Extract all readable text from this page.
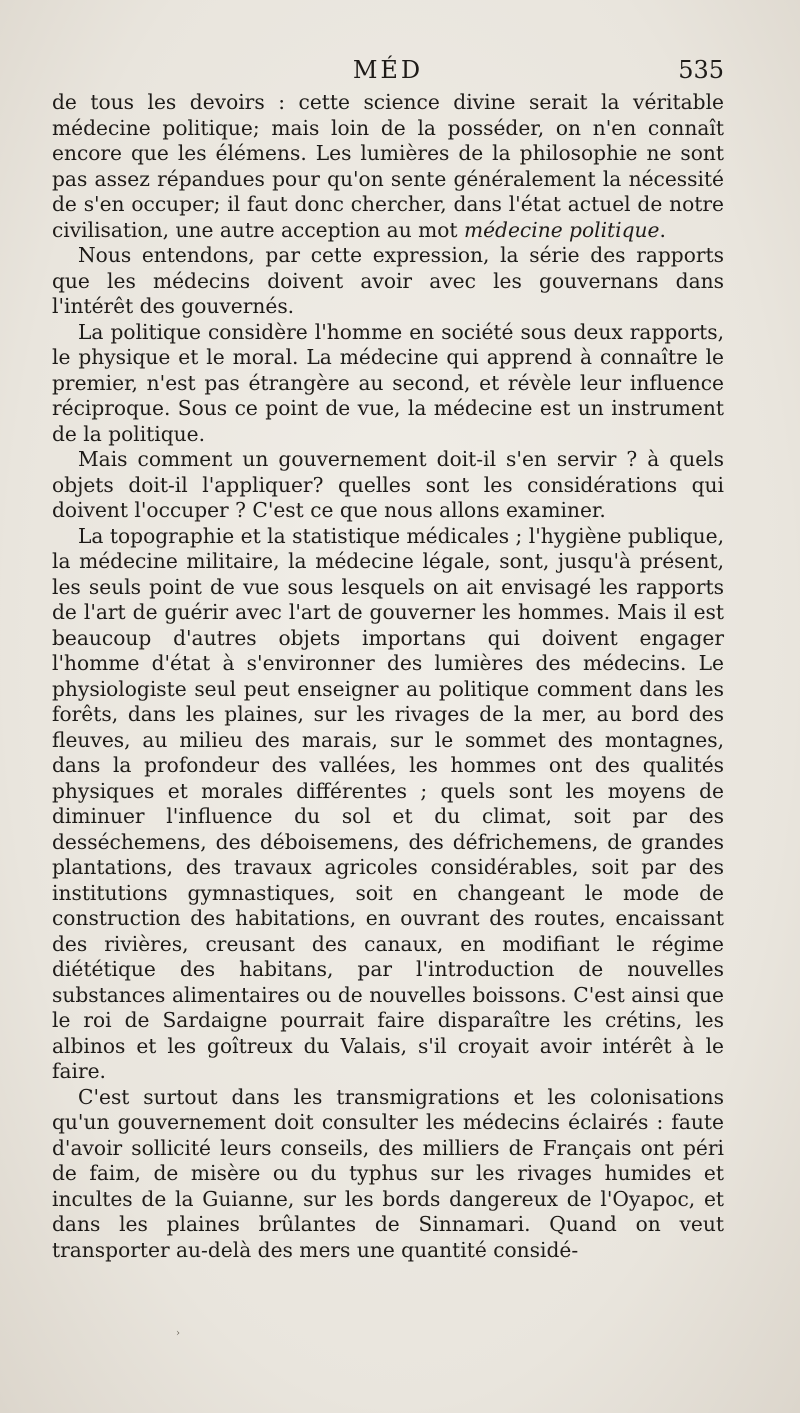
MÉD	535

de tous les devoirs : cette science divine serait la véritable médecine politique; mais loin de la posséder, on n'en connaît encore que les élémens. Les lumières de la philosophie ne sont pas assez répandues pour qu'on sente généralement la nécessité de s'en occuper; il faut donc chercher, dans l'état actuel de notre civilisation, une autre acception au mot médecine politique.

Nous entendons, par cette expression, la série des rapports que les médecins doivent avoir avec les gouvernans dans l'intérêt des gouvernés.

La politique considère l'homme en société sous deux rapports, le physique et le moral. La médecine qui apprend à connaître le premier, n'est pas étrangère au second, et révèle leur influence réciproque. Sous ce point de vue, la médecine est un instrument de la politique.

Mais comment un gouvernement doit-il s'en servir ? à quels objets doit-il l'appliquer? quelles sont les considérations qui doivent l'occuper ? C'est ce que nous allons examiner.

La topographie et la statistique médicales ; l'hygiène publique, la médecine militaire, la médecine légale, sont, jusqu'à présent, les seuls point de vue sous lesquels on ait envisagé les rapports de l'art de guérir avec l'art de gouverner les hommes. Mais il est beaucoup d'autres objets importans qui doivent engager l'homme d'état à s'environner des lumières des médecins. Le physiologiste seul peut enseigner au politique comment dans les forêts, dans les plaines, sur les rivages de la mer, au bord des fleuves, au milieu des marais, sur le sommet des montagnes, dans la profondeur des vallées, les hommes ont des qualités physiques et morales différentes ; quels sont les moyens de diminuer l'influence du sol et du climat, soit par des desséchemens, des déboisemens, des défrichemens, de grandes plantations, des travaux agricoles considérables, soit par des institutions gymnastiques, soit en changeant le mode de construction des habitations, en ouvrant des routes, encaissant des rivières, creusant des canaux, en modifiant le régime diététique des habitans, par l'introduction de nouvelles substances alimentaires ou de nouvelles boissons. C'est ainsi que le roi de Sardaigne pourrait faire disparaître les crétins, les albinos et les goîtreux du Valais, s'il croyait avoir intérêt à le faire.

C'est surtout dans les transmigrations et les colonisations qu'un gouvernement doit consulter les médecins éclairés : faute d'avoir sollicité leurs conseils, des milliers de Français ont péri de faim, de misère ou du typhus sur les rivages humides et incultes de la Guianne, sur les bords dangereux de l'Oyapoc, et dans les plaines brûlantes de Sinnamari. Quand on veut transporter au-delà des mers une quantité considé-

›
